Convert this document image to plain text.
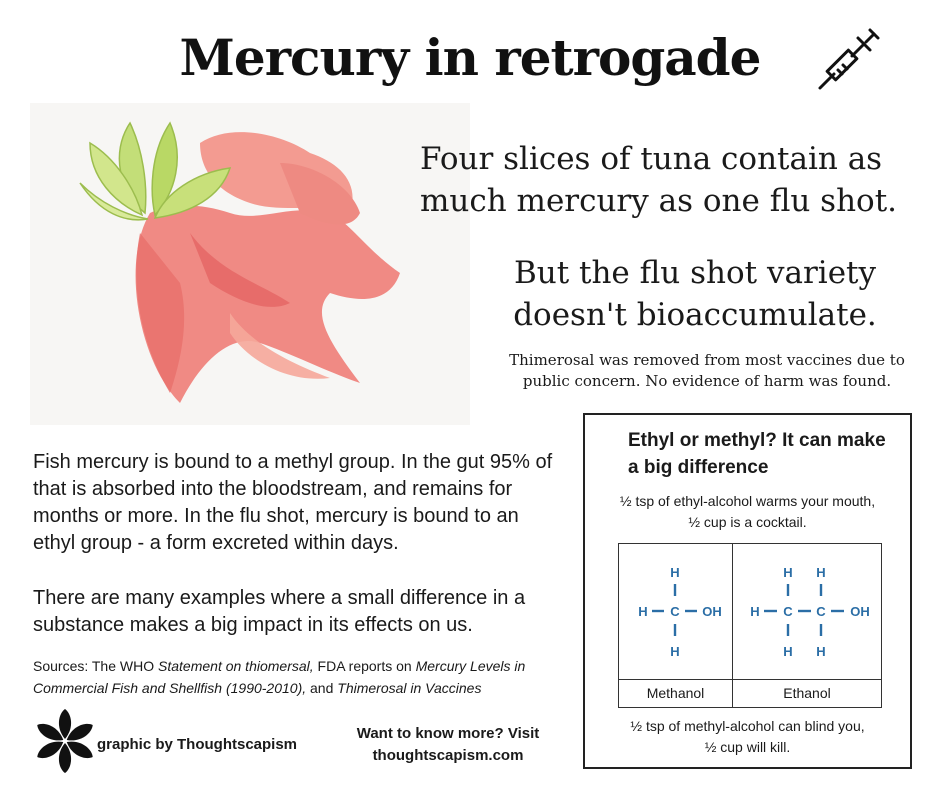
Mercury in retrogade
Four slices of tuna contain as much mercury as one flu shot.
But the flu shot variety doesn't bioaccumulate.
Thimerosal was removed from most vaccines due to public concern. No evidence of harm was found.
Fish mercury is bound to a methyl group. In the gut 95% of that is absorbed into the bloodstream, and remains for months or more. In the flu shot, mercury is bound to an ethyl group - a form excreted within days.
There are many examples where a small difference in a substance makes a big impact in its effects on us.
Sources: The WHO Statement on thiomersal, FDA reports on Mercury Levels in Commercial Fish and Shellfish (1990-2010), and Thimerosal in Vaccines
graphic by Thoughtscapism
Want to know more? Visit
thoughtscapism.com
Ethyl or methyl? It can make a big difference
½ tsp of ethyl-alcohol warms your mouth,
½ cup is a cocktail.
H
H C OH
H
Methanol
H H
H C C OH
H H
Ethanol
½ tsp of methyl-alcohol can blind you,
½ cup will kill.
